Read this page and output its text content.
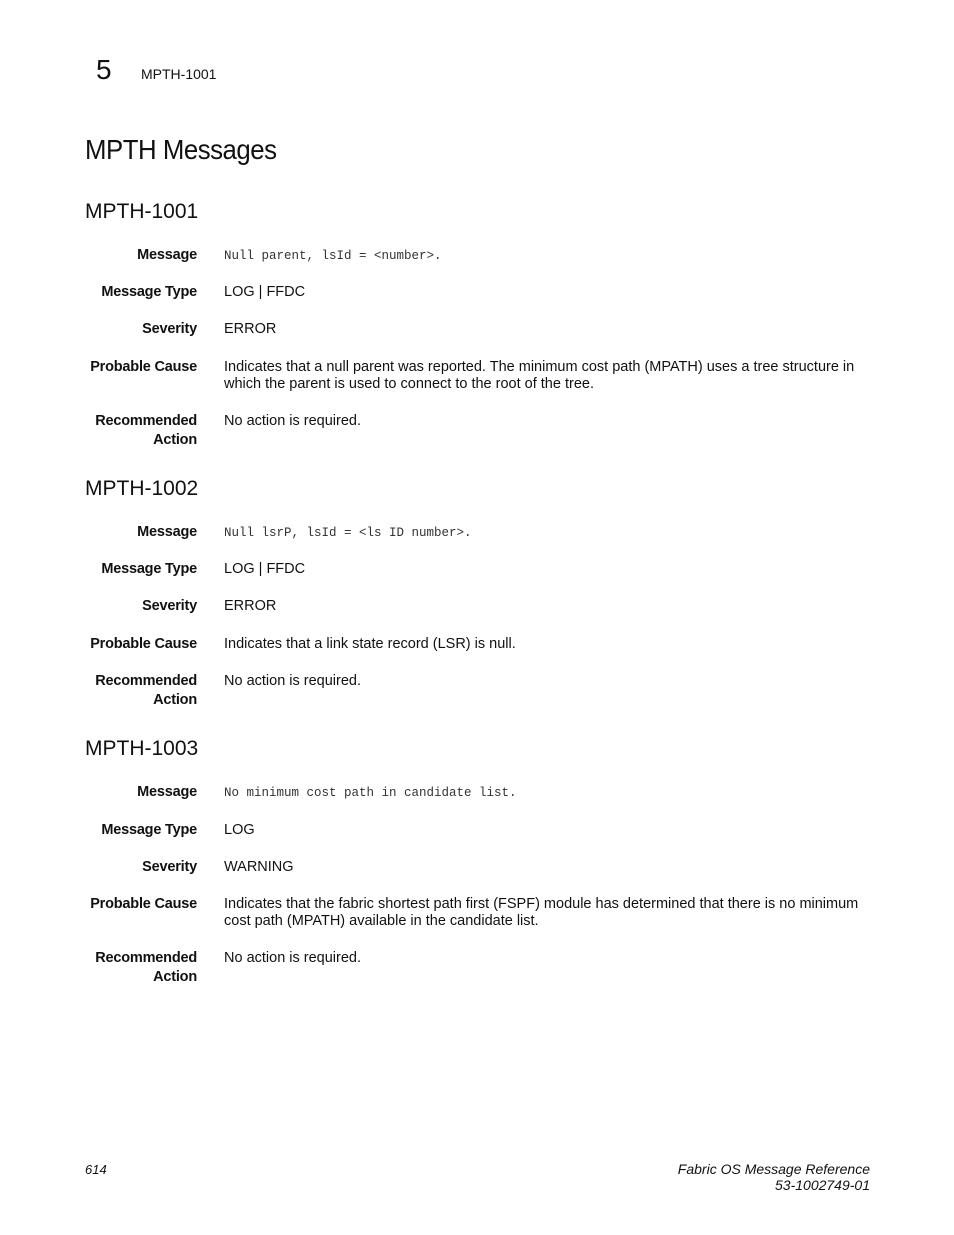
5 MPTH-1001
MPTH Messages
MPTH-1001
Message Null parent, lsId = <number>.
Message Type LOG | FFDC
Severity ERROR
Probable Cause Indicates that a null parent was reported. The minimum cost path (MPATH) uses a tree structure in which the parent is used to connect to the root of the tree.
Recommended
Action
No action is required.
MPTH-1002
Message Null lsrP, lsId = <ls ID number>.
Message Type LOG | FFDC
Severity ERROR
Probable Cause Indicates that a link state record (LSR) is null.
Recommended
Action
No action is required.
MPTH-1003
Message No minimum cost path in candidate list.
Message Type LOG
Severity WARNING
Probable Cause Indicates that the fabric shortest path first (FSPF) module has determined that there is no minimum cost path (MPATH) available in the candidate list.
Recommended
Action
No action is required.
614	Fabric OS Message Reference
53-1002749-01
